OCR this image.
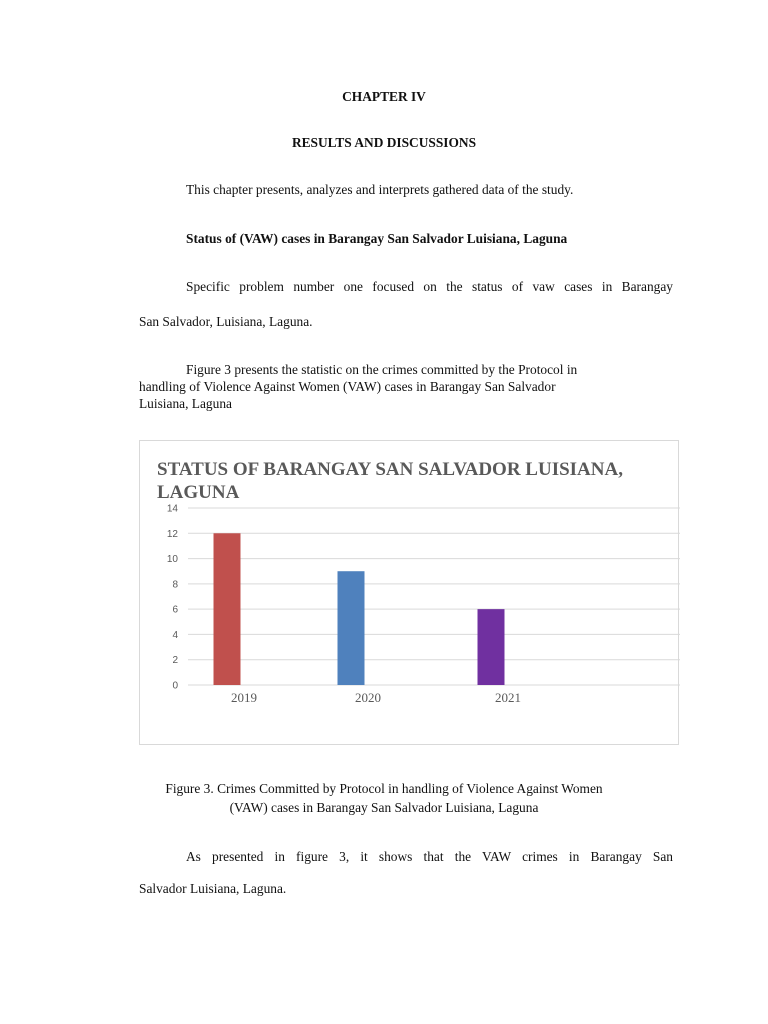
CHAPTER IV
RESULTS AND DISCUSSIONS
This chapter presents, analyzes and interprets gathered data of the study.
Status of (VAW) cases in Barangay San Salvador Luisiana, Laguna
Specific problem number one focused on the status of vaw cases in Barangay
San Salvador, Luisiana, Laguna.
Figure 3 presents the statistic on the crimes committed by the Protocol in
handling of Violence Against Women (VAW) cases in Barangay San Salvador
Luisiana, Laguna
STATUS OF BARANGAY SAN SALVADOR LUISIANA, LAGUNA
0
2
4
6
8
10
12
14
2019	2020	2021
Figure 3. Crimes Committed by Protocol in handling of Violence Against Women
(VAW) cases in Barangay San Salvador Luisiana, Laguna
As presented in figure 3, it shows that the VAW crimes in Barangay San
Salvador Luisiana, Laguna.
